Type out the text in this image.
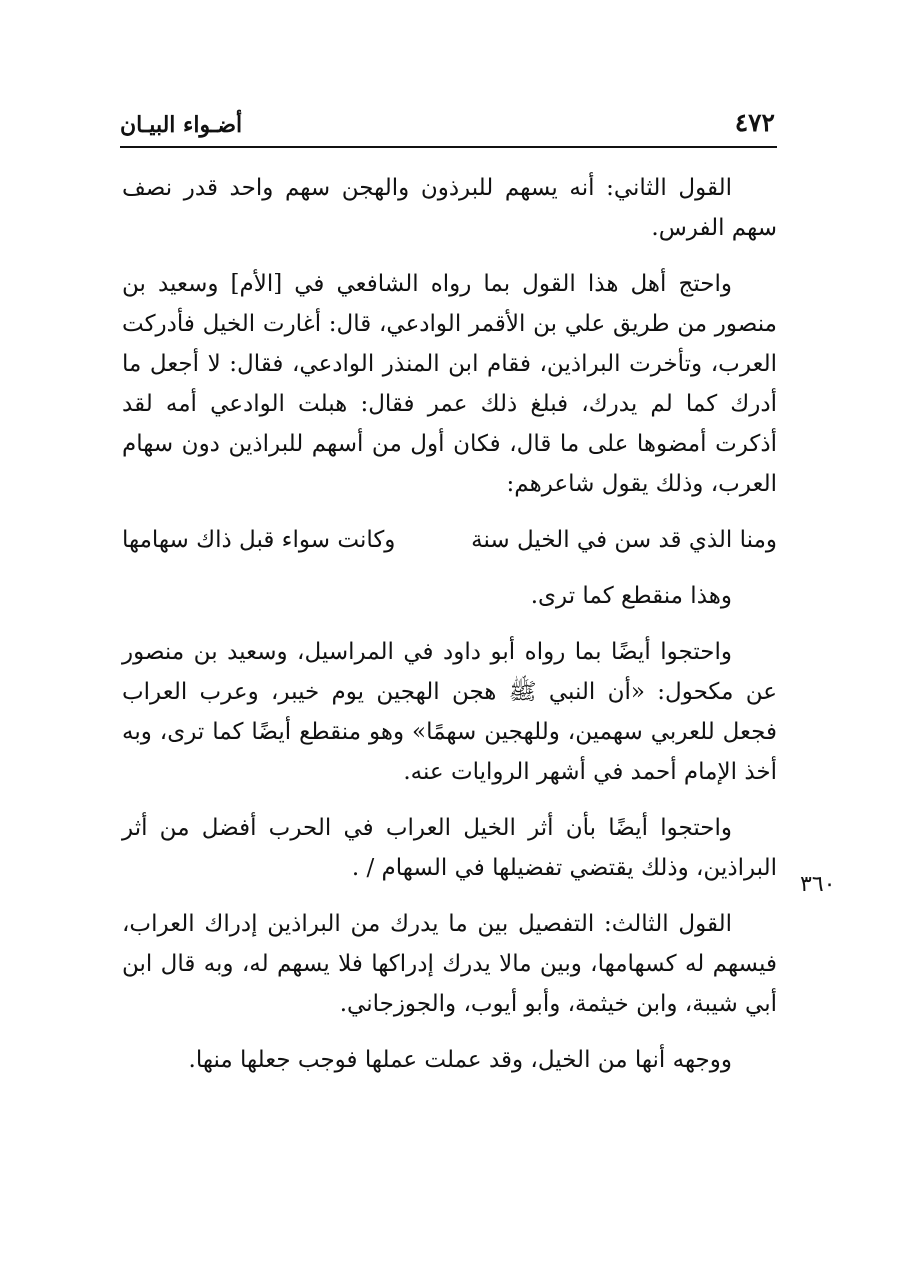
٤٧٢
أضـواء البيـان
٣٦٠

القول الثاني: أنه يسهم للبرذون والهجن سهم واحد قدر نصف سهم الفرس.

واحتج أهل هذا القول بما رواه الشافعي في [الأم] وسعيد بن منصور من طريق علي بن الأقمر الوادعي، قال: أغارت الخيل فأدركت العرب، وتأخرت البراذين، فقام ابن المنذر الوادعي، فقال: لا أجعل ما أدرك كما لم يدرك، فبلغ ذلك عمر فقال: هبلت الوادعي أمه لقد أذكرت أمضوها على ما قال، فكان أول من أسهم للبراذين دون سهام العرب، وذلك يقول شاعرهم:

ومنا الذي قد سن في الخيل سنة
وكانت سواء قبل ذاك سهامها

وهذا منقطع كما ترى.

واحتجوا أيضًا بما رواه أبو داود في المراسيل، وسعيد بن منصور عن مكحول: «أن النبي ﷺ هجن الهجين يوم خيبر، وعرب العراب فجعل للعربي سهمين، وللهجين سهمًا» وهو منقطع أيضًا كما ترى، وبه أخذ الإمام أحمد في أشهر الروايات عنه.

واحتجوا أيضًا بأن أثر الخيل العراب في الحرب أفضل من أثر البراذين، وذلك يقتضي تفضيلها في السهام / .

القول الثالث: التفصيل بين ما يدرك من البراذين إدراك العراب، فيسهم له كسهامها، وبين مالا يدرك إدراكها فلا يسهم له، وبه قال ابن أبي شيبة، وابن خيثمة، وأبو أيوب، والجوزجاني.

ووجهه أنها من الخيل، وقد عملت عملها فوجب جعلها منها.
